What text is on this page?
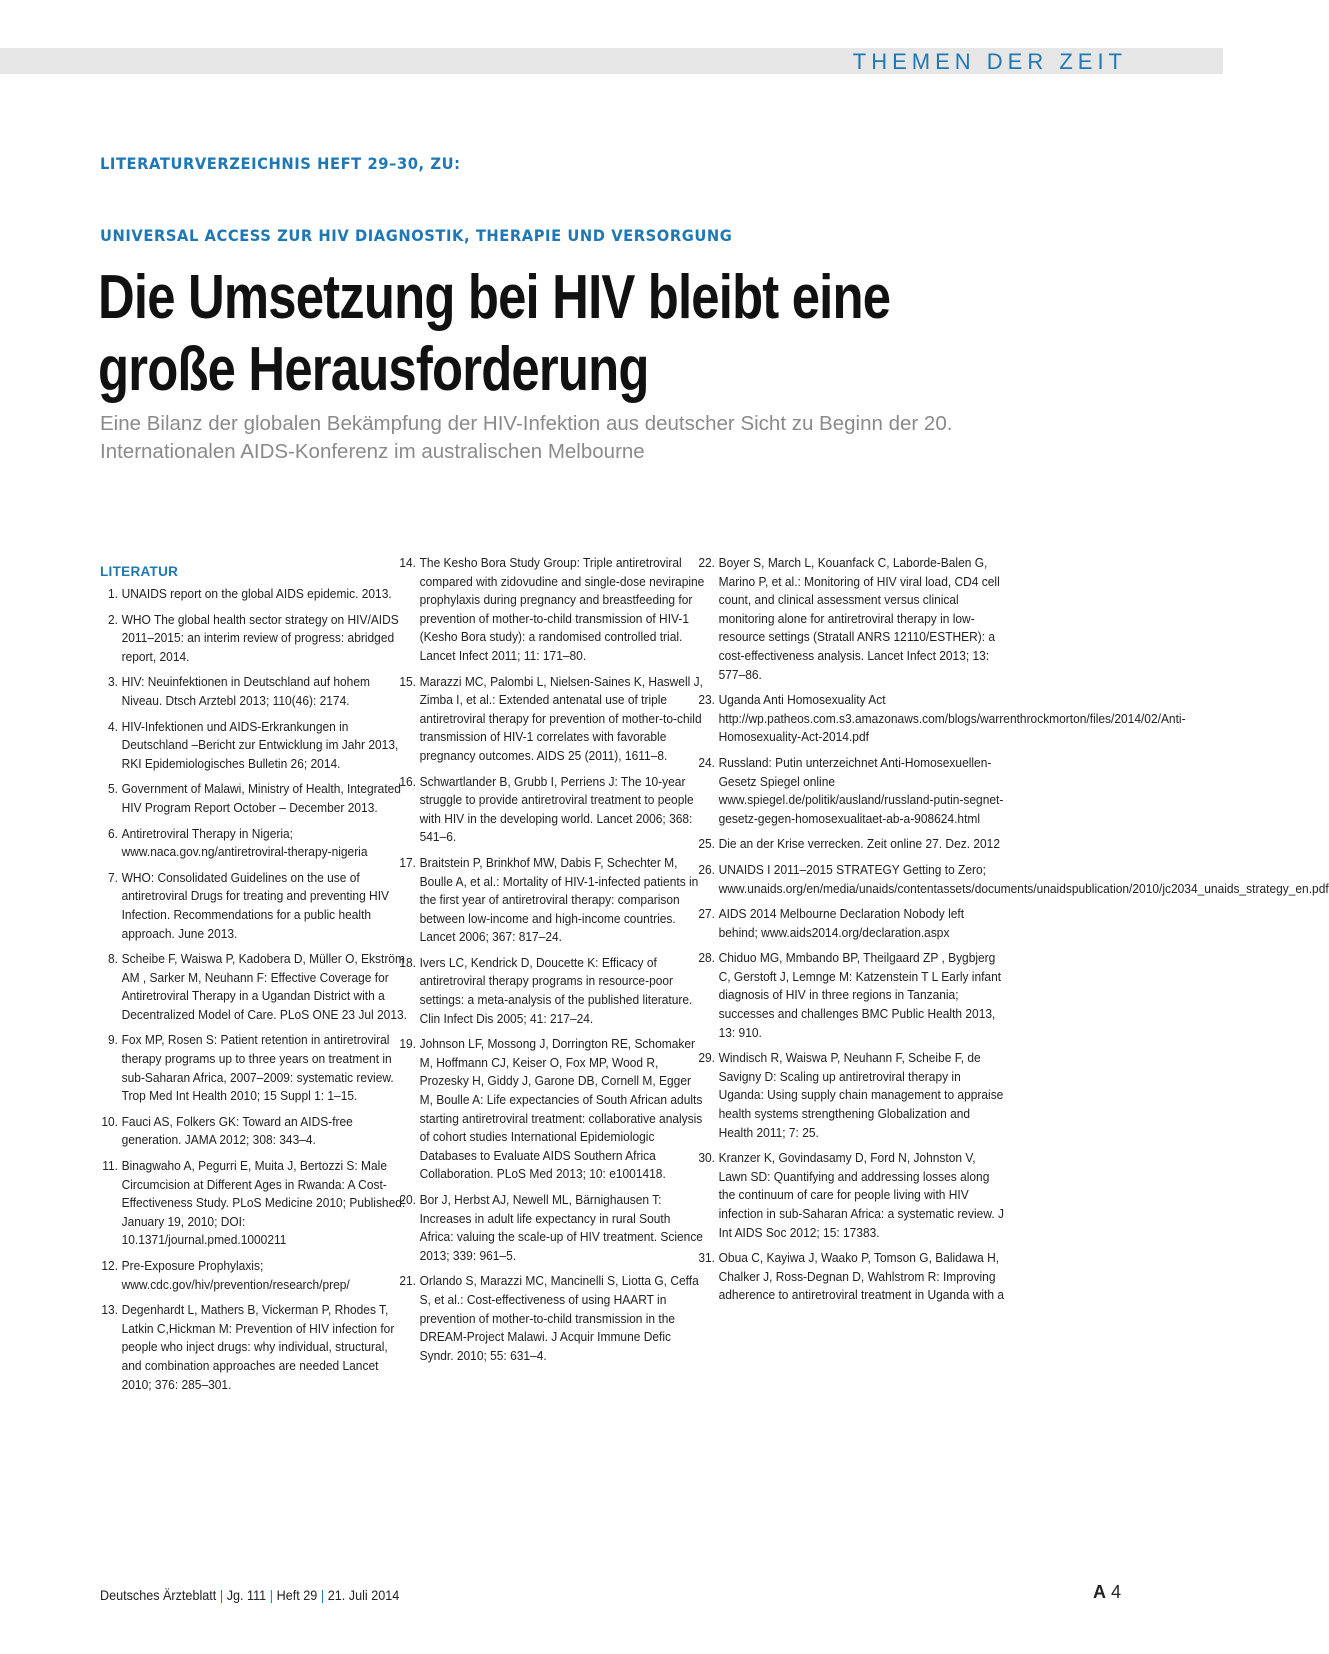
THEMEN DER ZEIT
LITERATURVERZEICHNIS HEFT 29–30, ZU:
UNIVERSAL ACCESS ZUR HIV DIAGNOSTIK, THERAPIE UND VERSORGUNG
Die Umsetzung bei HIV bleibt eine
große Herausforderung

Eine Bilanz der globalen Bekämpfung der HIV-Infektion aus deutscher Sicht zu Beginn der 20. Internationalen AIDS-Konferenz im australischen Melbourne

LITERATUR
1. UNAIDS report on the global AIDS epidemic. 2013.
2. WHO The global health sector strategy on HIV/AIDS 2011–2015: an interim review of progress: abridged report, 2014.
3. HIV: Neuinfektionen in Deutschland auf hohem Niveau. Dtsch Arztebl 2013; 110(46): 2174.
4. HIV-Infektionen und AIDS-Erkrankungen in Deutschland –Bericht zur Entwicklung im Jahr 2013, RKI Epidemiologisches Bulletin 26; 2014.
5. Government of Malawi, Ministry of Health, Integrated HIV Program Report October – December 2013.
6. Antiretroviral Therapy in Nigeria; www.naca.gov.ng/antiretroviral-therapy-nigeria
7. WHO: Consolidated Guidelines on the use of antiretroviral Drugs for treating and preventing HIV Infection. Recommendations for a public health approach. June 2013.
8. Scheibe F, Waiswa P, Kadobera D, Müller O, Ekström AM , Sarker M, Neuhann F: Effective Coverage for Antiretroviral Therapy in a Ugandan District with a Decentralized Model of Care. PLoS ONE 23 Jul 2013.
9. Fox MP, Rosen S: Patient retention in antiretroviral therapy programs up to three years on treatment in sub-Saharan Africa, 2007–2009: systematic review. Trop Med Int Health 2010; 15 Suppl 1: 1–15.
10. Fauci AS, Folkers GK: Toward an AIDS-free generation. JAMA 2012; 308: 343–4.
11. Binagwaho A, Pegurri E, Muita J, Bertozzi S: Male Circumcision at Different Ages in Rwanda: A Cost-Effectiveness Study. PLoS Medicine 2010; Published: January 19, 2010; DOI: 10.1371/journal.pmed.1000211
12. Pre-Exposure Prophylaxis; www.cdc.gov/hiv/prevention/research/prep/
13. Degenhardt L, Mathers B, Vickerman P, Rhodes T, Latkin C,Hickman M: Prevention of HIV infection for people who inject drugs: why individual, structural, and combination approaches are needed Lancet 2010; 376: 285–301.
14. The Kesho Bora Study Group: Triple antiretroviral compared with zidovudine and single-dose nevirapine prophylaxis during pregnancy and breastfeeding for prevention of mother-to-child transmission of HIV-1 (Kesho Bora study): a randomised controlled trial. Lancet Infect 2011; 11: 171–80.
15. Marazzi MC, Palombi L, Nielsen-Saines K, Haswell J, Zimba I, et al.: Extended antenatal use of triple antiretroviral therapy for prevention of mother-to-child transmission of HIV-1 correlates with favorable pregnancy outcomes. AIDS 25 (2011), 1611–8.
16. Schwartlander B, Grubb I, Perriens J: The 10-year struggle to provide antiretroviral treatment to people with HIV in the developing world. Lancet 2006; 368: 541–6.
17. Braitstein P, Brinkhof MW, Dabis F, Schechter M, Boulle A, et al.: Mortality of HIV-1-infected patients in the first year of antiretroviral therapy: comparison between low-income and high-income countries. Lancet 2006; 367: 817–24.
18. Ivers LC, Kendrick D, Doucette K: Efficacy of antiretroviral therapy programs in resource-poor settings: a meta-analysis of the published literature. Clin Infect Dis 2005; 41: 217–24.
19. Johnson LF, Mossong J, Dorrington RE, Schomaker M, Hoffmann CJ, Keiser O, Fox MP, Wood R, Prozesky H, Giddy J, Garone DB, Cornell M, Egger M, Boulle A: Life expectancies of South African adults starting antiretroviral treatment: collaborative analysis of cohort studies International Epidemiologic Databases to Evaluate AIDS Southern Africa Collaboration. PLoS Med 2013; 10: e1001418.
20. Bor J, Herbst AJ, Newell ML, Bärnighausen T: Increases in adult life expectancy in rural South Africa: valuing the scale-up of HIV treatment. Science 2013; 339: 961–5.
21. Orlando S, Marazzi MC, Mancinelli S, Liotta G, Ceffa S, et al.: Cost-effectiveness of using HAART in prevention of mother-to-child transmission in the DREAM-Project Malawi. J Acquir Immune Defic Syndr. 2010; 55: 631–4.
22. Boyer S, March L, Kouanfack C, Laborde-Balen G, Marino P, et al.: Monitoring of HIV viral load, CD4 cell count, and clinical assessment versus clinical monitoring alone for antiretroviral therapy in low-resource settings (Stratall ANRS 12110/ESTHER): a cost-effectiveness analysis. Lancet Infect 2013; 13: 577–86.
23. Uganda Anti Homosexuality Act http://wp.patheos.com.s3.amazonaws.com/blogs/warrenthrockmorton/files/2014/02/Anti-Homosexuality-Act-2014.pdf
24. Russland: Putin unterzeichnet Anti-Homosexuellen-Gesetz Spiegel online www.spiegel.de/politik/ausland/russland-putin-segnet-gesetz-gegen-homosexualitaet-ab-a-908624.html
25. Die an der Krise verrecken. Zeit online 27. Dez. 2012
26. UNAIDS I 2011–2015 STRATEGY Getting to Zero; www.unaids.org/en/media/unaids/contentassets/documents/unaidspublication/2010/jc2034_unaids_strategy_en.pdf
27. AIDS 2014 Melbourne Declaration Nobody left behind; www.aids2014.org/declaration.aspx
28. Chiduo MG, Mmbando BP, Theilgaard ZP , Bygbjerg C, Gerstoft J, Lemnge M: Katzenstein T L Early infant diagnosis of HIV in three regions in Tanzania; successes and challenges BMC Public Health 2013, 13: 910.
29. Windisch R, Waiswa P, Neuhann F, Scheibe F, de Savigny D: Scaling up antiretroviral therapy in Uganda: Using supply chain management to appraise health systems strengthening Globalization and Health 2011; 7: 25.
30. Kranzer K, Govindasamy D, Ford N, Johnston V, Lawn SD: Quantifying and addressing losses along the continuum of care for people living with HIV infection in sub-Saharan Africa: a systematic review. J Int AIDS Soc 2012; 15: 17383.
31. Obua C, Kayiwa J, Waako P, Tomson G, Balidawa H, Chalker J, Ross-Degnan D, Wahlstrom R: Improving adherence to antiretroviral treatment in Uganda with a
Deutsches Ärzteblatt | Jg. 111 | Heft 29 | 21. Juli 2014	A 4
